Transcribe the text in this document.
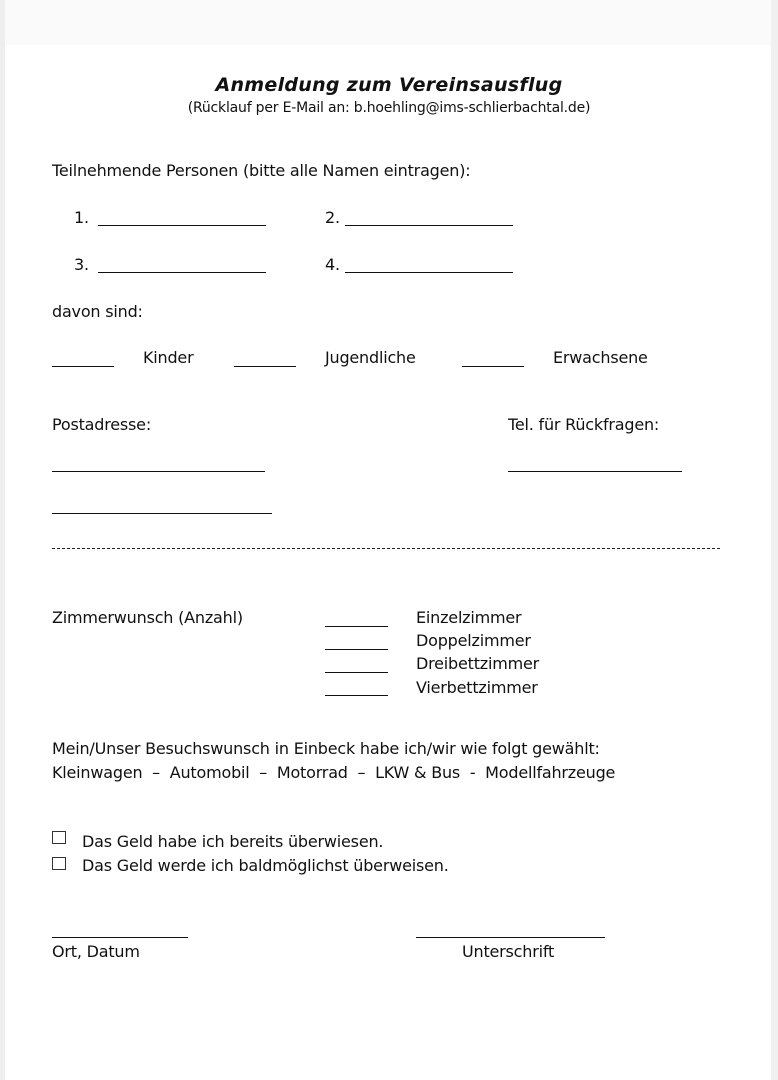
Anmeldung zum Vereinsausflug
(Rücklauf per E-Mail an: b.hoehling@ims-schlierbachtal.de)
Teilnehmende Personen (bitte alle Namen eintragen):
1.	2.
3.	4.
davon sind:
Kinder	Jugendliche	Erwachsene
Postadresse:	Tel. für Rückfragen:
Zimmerwunsch (Anzahl)	Einzelzimmer
Doppelzimmer
Dreibettzimmer
Vierbettzimmer
Mein/Unser Besuchswunsch in Einbeck habe ich/wir wie folgt gewählt:
Kleinwagen  –  Automobil  –  Motorrad  –  LKW & Bus  -  Modellfahrzeuge
Das Geld habe ich bereits überwiesen.
Das Geld werde ich baldmöglichst überweisen.
Ort, Datum	Unterschrift
